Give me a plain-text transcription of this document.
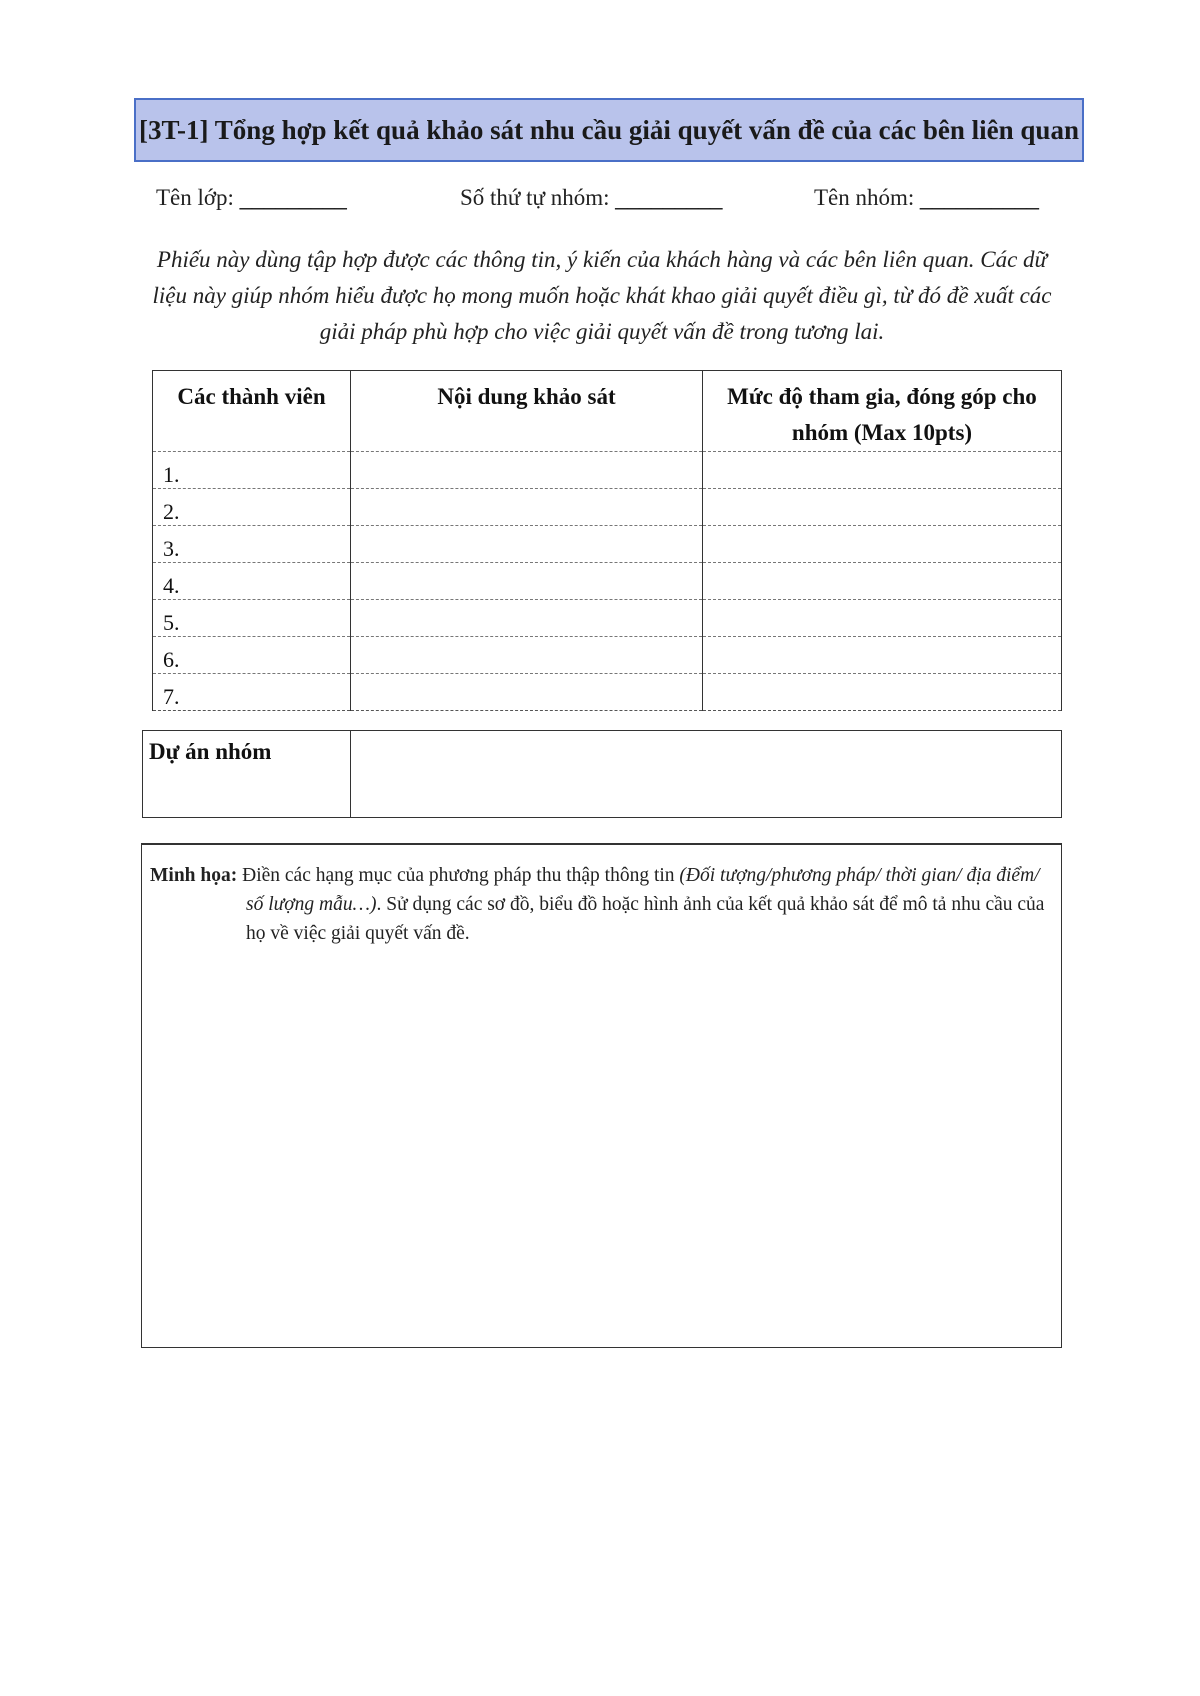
[3T-1] Tổng hợp kết quả khảo sát nhu cầu giải quyết vấn đề của các bên liên quan
Tên lớp: _________	Số thứ tự nhóm: _________	Tên nhóm: __________
Phiếu này dùng tập hợp được các thông tin, ý kiến của khách hàng và các bên liên quan. Các dữ liệu này giúp nhóm hiểu được họ mong muốn hoặc khát khao giải quyết điều gì, từ đó đề xuất các giải pháp phù hợp cho việc giải quyết vấn đề trong tương lai.
Các thành viên	Nội dung khảo sát	Mức độ tham gia, đóng góp cho nhóm (Max 10pts)
1.		
2.		
3.		
4.		
5.		
6.		
7.		
Dự án nhóm
Minh họa: Điền các hạng mục của phương pháp thu thập thông tin (Đối tượng/phương pháp/ thời gian/ địa điểm/ số lượng mẫu…). Sử dụng các sơ đồ, biểu đồ hoặc hình ảnh của kết quả khảo sát để mô tả nhu cầu của họ về việc giải quyết vấn đề.
